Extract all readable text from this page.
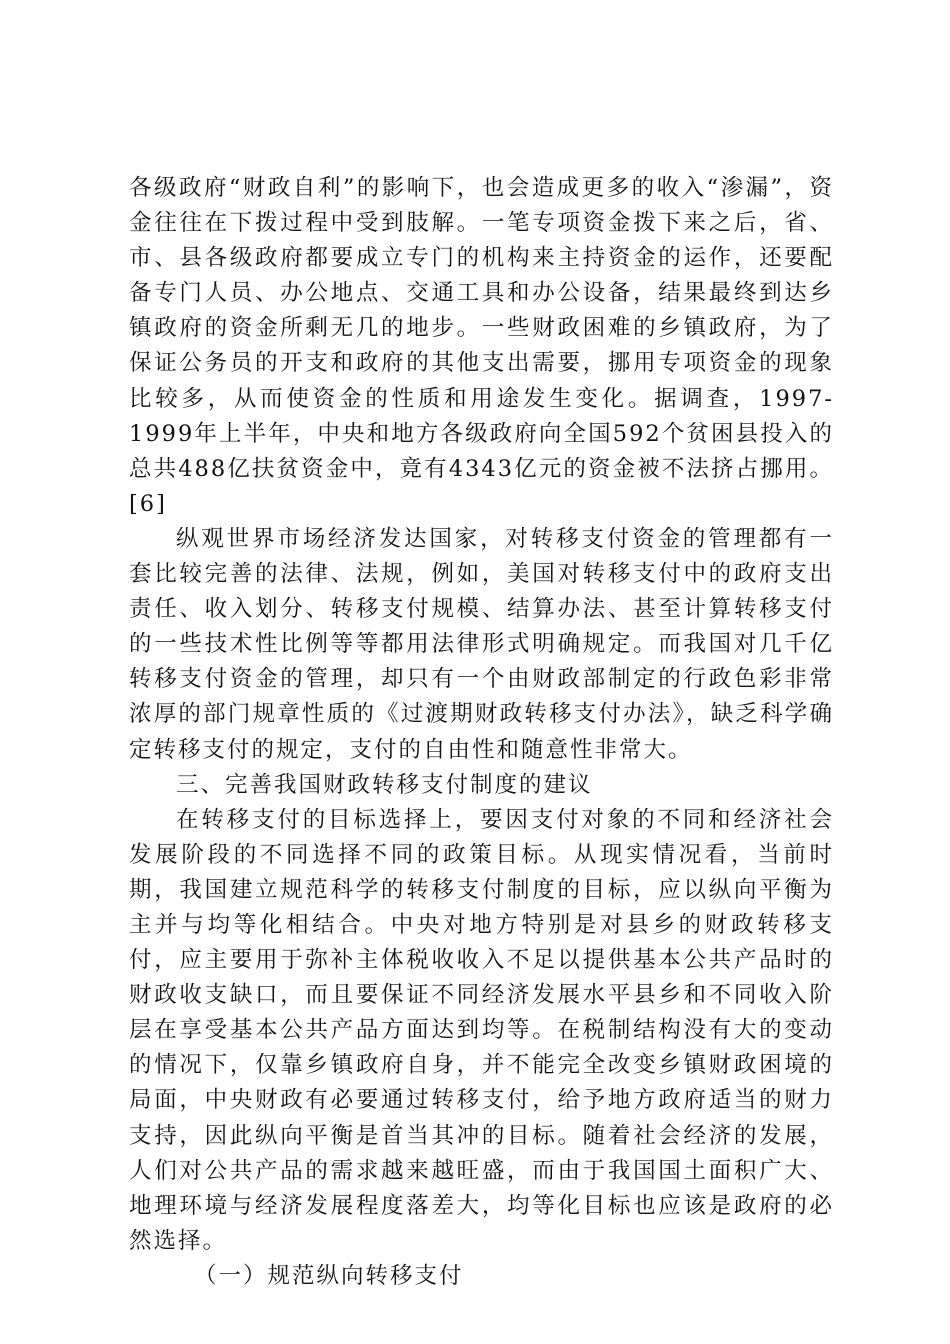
各级政府“财政自利”的影响下，也会造成更多的收入“渗漏”，资金往往在下拨过程中受到肢解。一笔专项资金拨下来之后，省、市、县各级政府都要成立专门的机构来主持资金的运作，还要配备专门人员、办公地点、交通工具和办公设备，结果最终到达乡镇政府的资金所剩无几的地步。一些财政困难的乡镇政府，为了保证公务员的开支和政府的其他支出需要，挪用专项资金的现象比较多，从而使资金的性质和用途发生变化。据调查，1997-1999年上半年，中央和地方各级政府向全国592个贫困县投入的总共488亿扶贫资金中，竟有4343亿元的资金被不法挤占挪用。[6]

纵观世界市场经济发达国家，对转移支付资金的管理都有一套比较完善的法律、法规，例如，美国对转移支付中的政府支出责任、收入划分、转移支付规模、结算办法、甚至计算转移支付的一些技术性比例等等都用法律形式明确规定。而我国对几千亿转移支付资金的管理，却只有一个由财政部制定的行政色彩非常浓厚的部门规章性质的《过渡期财政转移支付办法》，缺乏科学确定转移支付的规定，支付的自由性和随意性非常大。

三、完善我国财政转移支付制度的建议

在转移支付的目标选择上，要因支付对象的不同和经济社会发展阶段的不同选择不同的政策目标。从现实情况看，当前时期，我国建立规范科学的转移支付制度的目标，应以纵向平衡为主并与均等化相结合。中央对地方特别是对县乡的财政转移支付，应主要用于弥补主体税收收入不足以提供基本公共产品时的财政收支缺口，而且要保证不同经济发展水平县乡和不同收入阶层在享受基本公共产品方面达到均等。在税制结构没有大的变动的情况下，仅靠乡镇政府自身，并不能完全改变乡镇财政困境的局面，中央财政有必要通过转移支付，给予地方政府适当的财力支持，因此纵向平衡是首当其冲的目标。随着社会经济的发展，人们对公共产品的需求越来越旺盛，而由于我国国土面积广大、地理环境与经济发展程度落差大，均等化目标也应该是政府的必然选择。

（一）规范纵向转移支付
